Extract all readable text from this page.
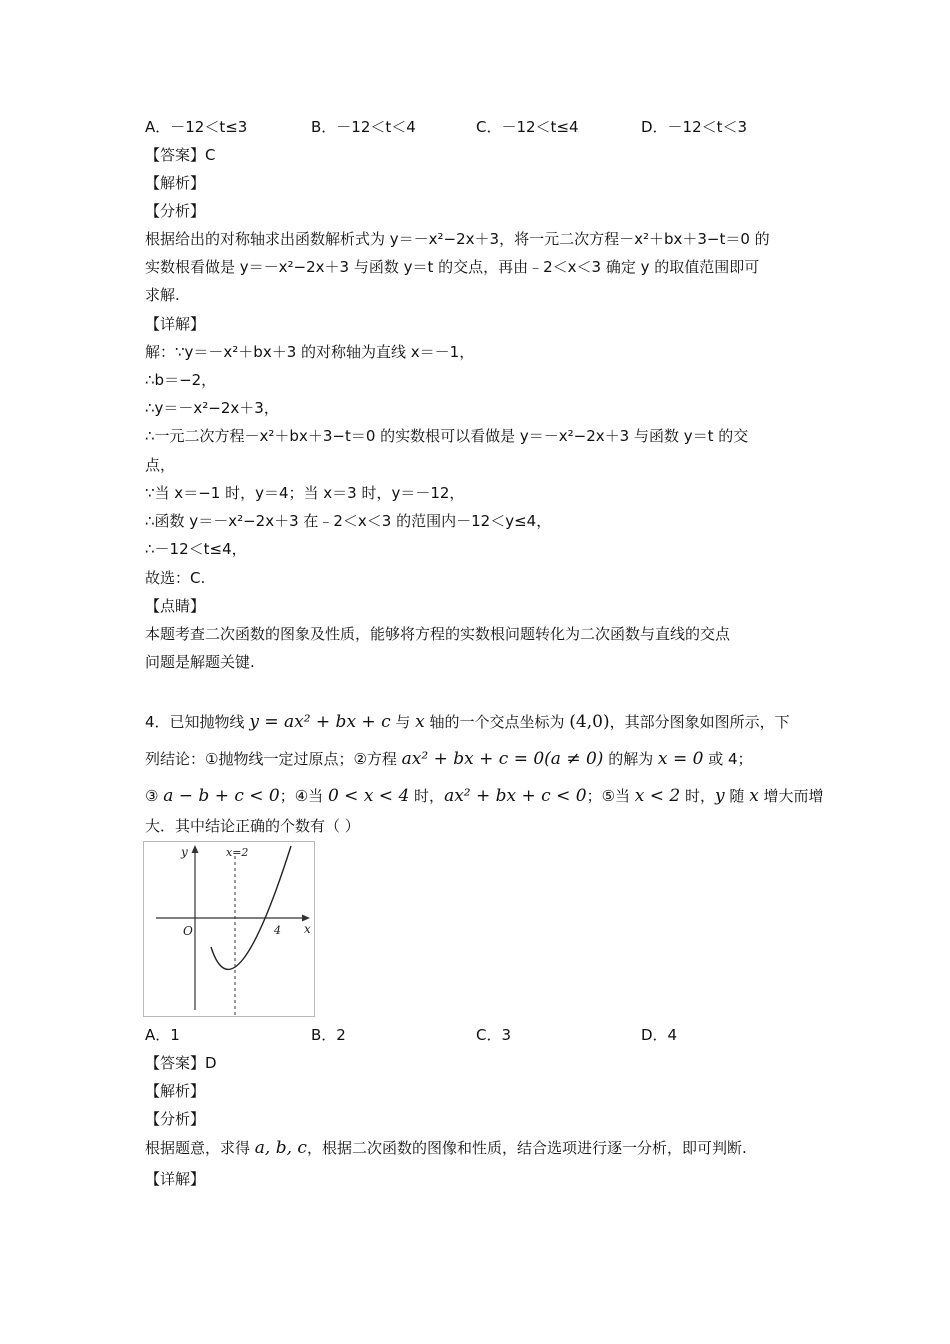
A．－12＜t≤3	B．－12＜t＜4	C．－12＜t≤4	D．－12＜t＜3
【答案】C
【解析】
【分析】
根据给出的对称轴求出函数解析式为 y＝－x²−2x＋3，将一元二次方程－x²＋bx＋3−t＝0 的
实数根看做是 y＝－x²−2x＋3 与函数 y＝t 的交点，再由﹣2＜x＜3 确定 y 的取值范围即可
求解.
【详解】
解：∵y＝－x²＋bx＋3 的对称轴为直线 x＝－1，
∴b＝−2，
∴y＝－x²−2x＋3，
∴一元二次方程－x²＋bx＋3−t＝0 的实数根可以看做是 y＝－x²−2x＋3 与函数 y＝t 的交
点，
∵当 x＝−1 时，y＝4；当 x＝3 时，y＝－12，
∴函数 y＝－x²−2x＋3 在﹣2＜x＜3 的范围内－12＜y≤4，
∴－12＜t≤4，
故选：C.
【点睛】
本题考查二次函数的图象及性质，能够将方程的实数根问题转化为二次函数与直线的交点
问题是解题关键.
4．已知抛物线 y = ax² + bx + c 与 x 轴的一个交点坐标为 (4,0)，其部分图象如图所示，下
列结论：①抛物线一定过原点；②方程 ax² + bx + c = 0(a ≠ 0) 的解为 x = 0 或 4；
③ a − b + c < 0；④当 0 < x < 4 时，ax² + bx + c < 0；⑤当 x < 2 时，y 随 x 增大而增
大．其中结论正确的个数有（ ）
y	x=2
x
O	4
A．1	B．2	C．3	D．4
【答案】D
【解析】
【分析】
根据题意，求得 a, b, c，根据二次函数的图像和性质，结合选项进行逐一分析，即可判断.
【详解】
